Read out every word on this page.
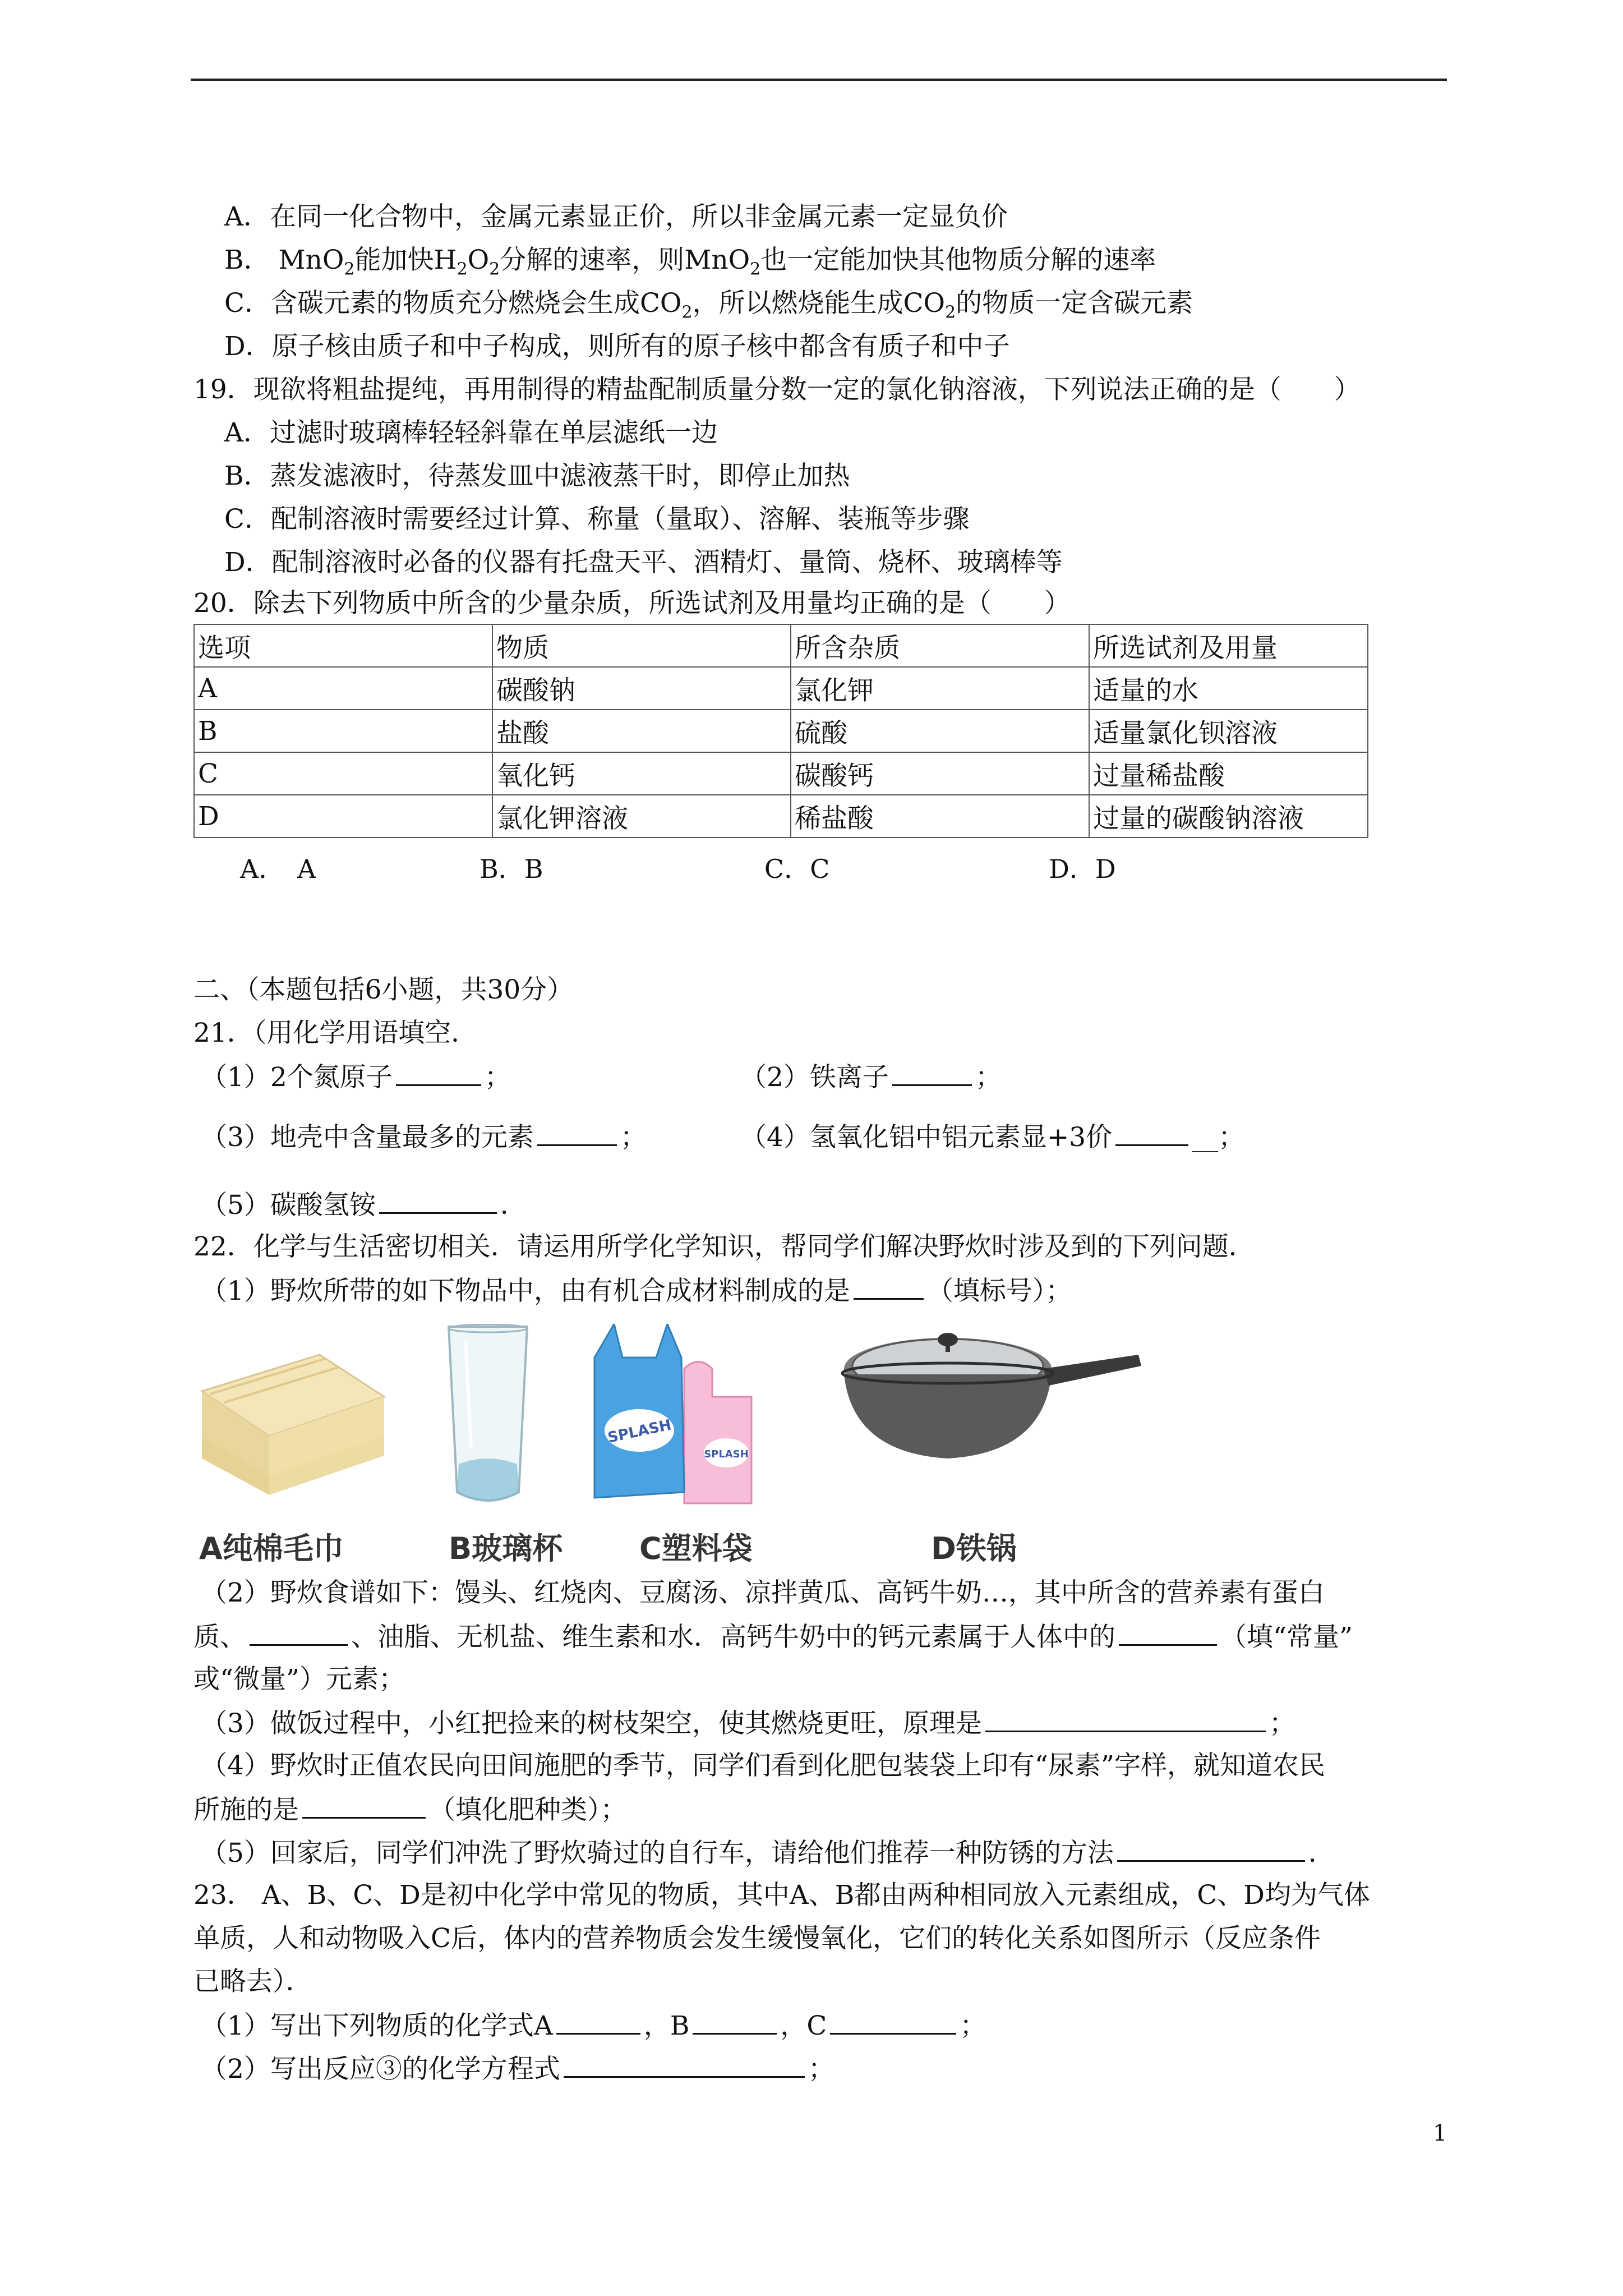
A．在同一化合物中，金属元素显正价，所以非金属元素一定显负价
B． MnO$_2$能加快$H_2O_2$分解的速率，则MnO$_2$也一定能加快其他物质分解的速率
C．含碳元素的物质充分燃烧会生成$CO_2$，所以燃烧能生成$CO_2$的物质一定含碳元素
D．原子核由质子和中子构成，则所有的原子核中都含有质子和中子
19．现欲将粗盐提纯，再用制得的精盐配制质量分数一定的氯化钠溶液，下列说法正确的是（　　）
A．过滤时玻璃棒轻轻斜靠在单层滤纸一边
B．蒸发滤液时，待蒸发皿中滤液蒸干时，即停止加热
C．配制溶液时需要经过计算、称量（量取）、溶解、装瓶等步骤
D．配制溶液时必备的仪器有托盘天平、酒精灯、量筒、烧杯、玻璃棒等
20．除去下列物质中所含的少量杂质，所选试剂及用量均正确的是（　　）
选项	物质	所含杂质	所选试剂及用量
A	碳酸钠	氯化钾	适量的水
B	盐酸	硫酸	适量氯化钡溶液
C	氧化钙	碳酸钙	过量稀盐酸
D	氯化钾溶液	稀盐酸	过量的碳酸钠溶液
A．　A	B．B	C．C	D．D
二、（本题包括6小题，共30分）
21．（用化学用语填空．
（1）2个氮原子	；	（2）铁离子	；
（3）地壳中含量最多的元素	；	（4）氢氧化铝中铝元素显+3价	__；
（5）碳酸氢铵	．
22．化学与生活密切相关．请运用所学化学知识，帮同学们解决野炊时涉及到的下列问题．
（1）野炊所带的如下物品中，由有机合成材料制成的是	（填标号）；
SPLASH
SPLASH
A纯棉毛巾	B玻璃杯	C塑料袋	D铁锅
（2）野炊食谱如下：馒头、红烧肉、豆腐汤、凉拌黄瓜、高钙牛奶…，其中所含的营养素有蛋白
质、	、油脂、无机盐、维生素和水．高钙牛奶中的钙元素属于人体中的	（填“常量”
或“微量”）元素；
（3）做饭过程中，小红把捡来的树枝架空，使其燃烧更旺，原理是	；
（4）野炊时正值农民向田间施肥的季节，同学们看到化肥包装袋上印有“尿素”字样，就知道农民
所施的是	（填化肥种类）；
（5）回家后，同学们冲洗了野炊骑过的自行车，请给他们推荐一种防锈的方法	．
23． A、B、C、D是初中化学中常见的物质，其中A、B都由两种相同放入元素组成，C、D均为气体
单质，人和动物吸入C后，体内的营养物质会发生缓慢氧化，它们的转化关系如图所示（反应条件
已略去）．
（1）写出下列物质的化学式A	，B	，C	；
（2）写出反应③的化学方程式	；
1
